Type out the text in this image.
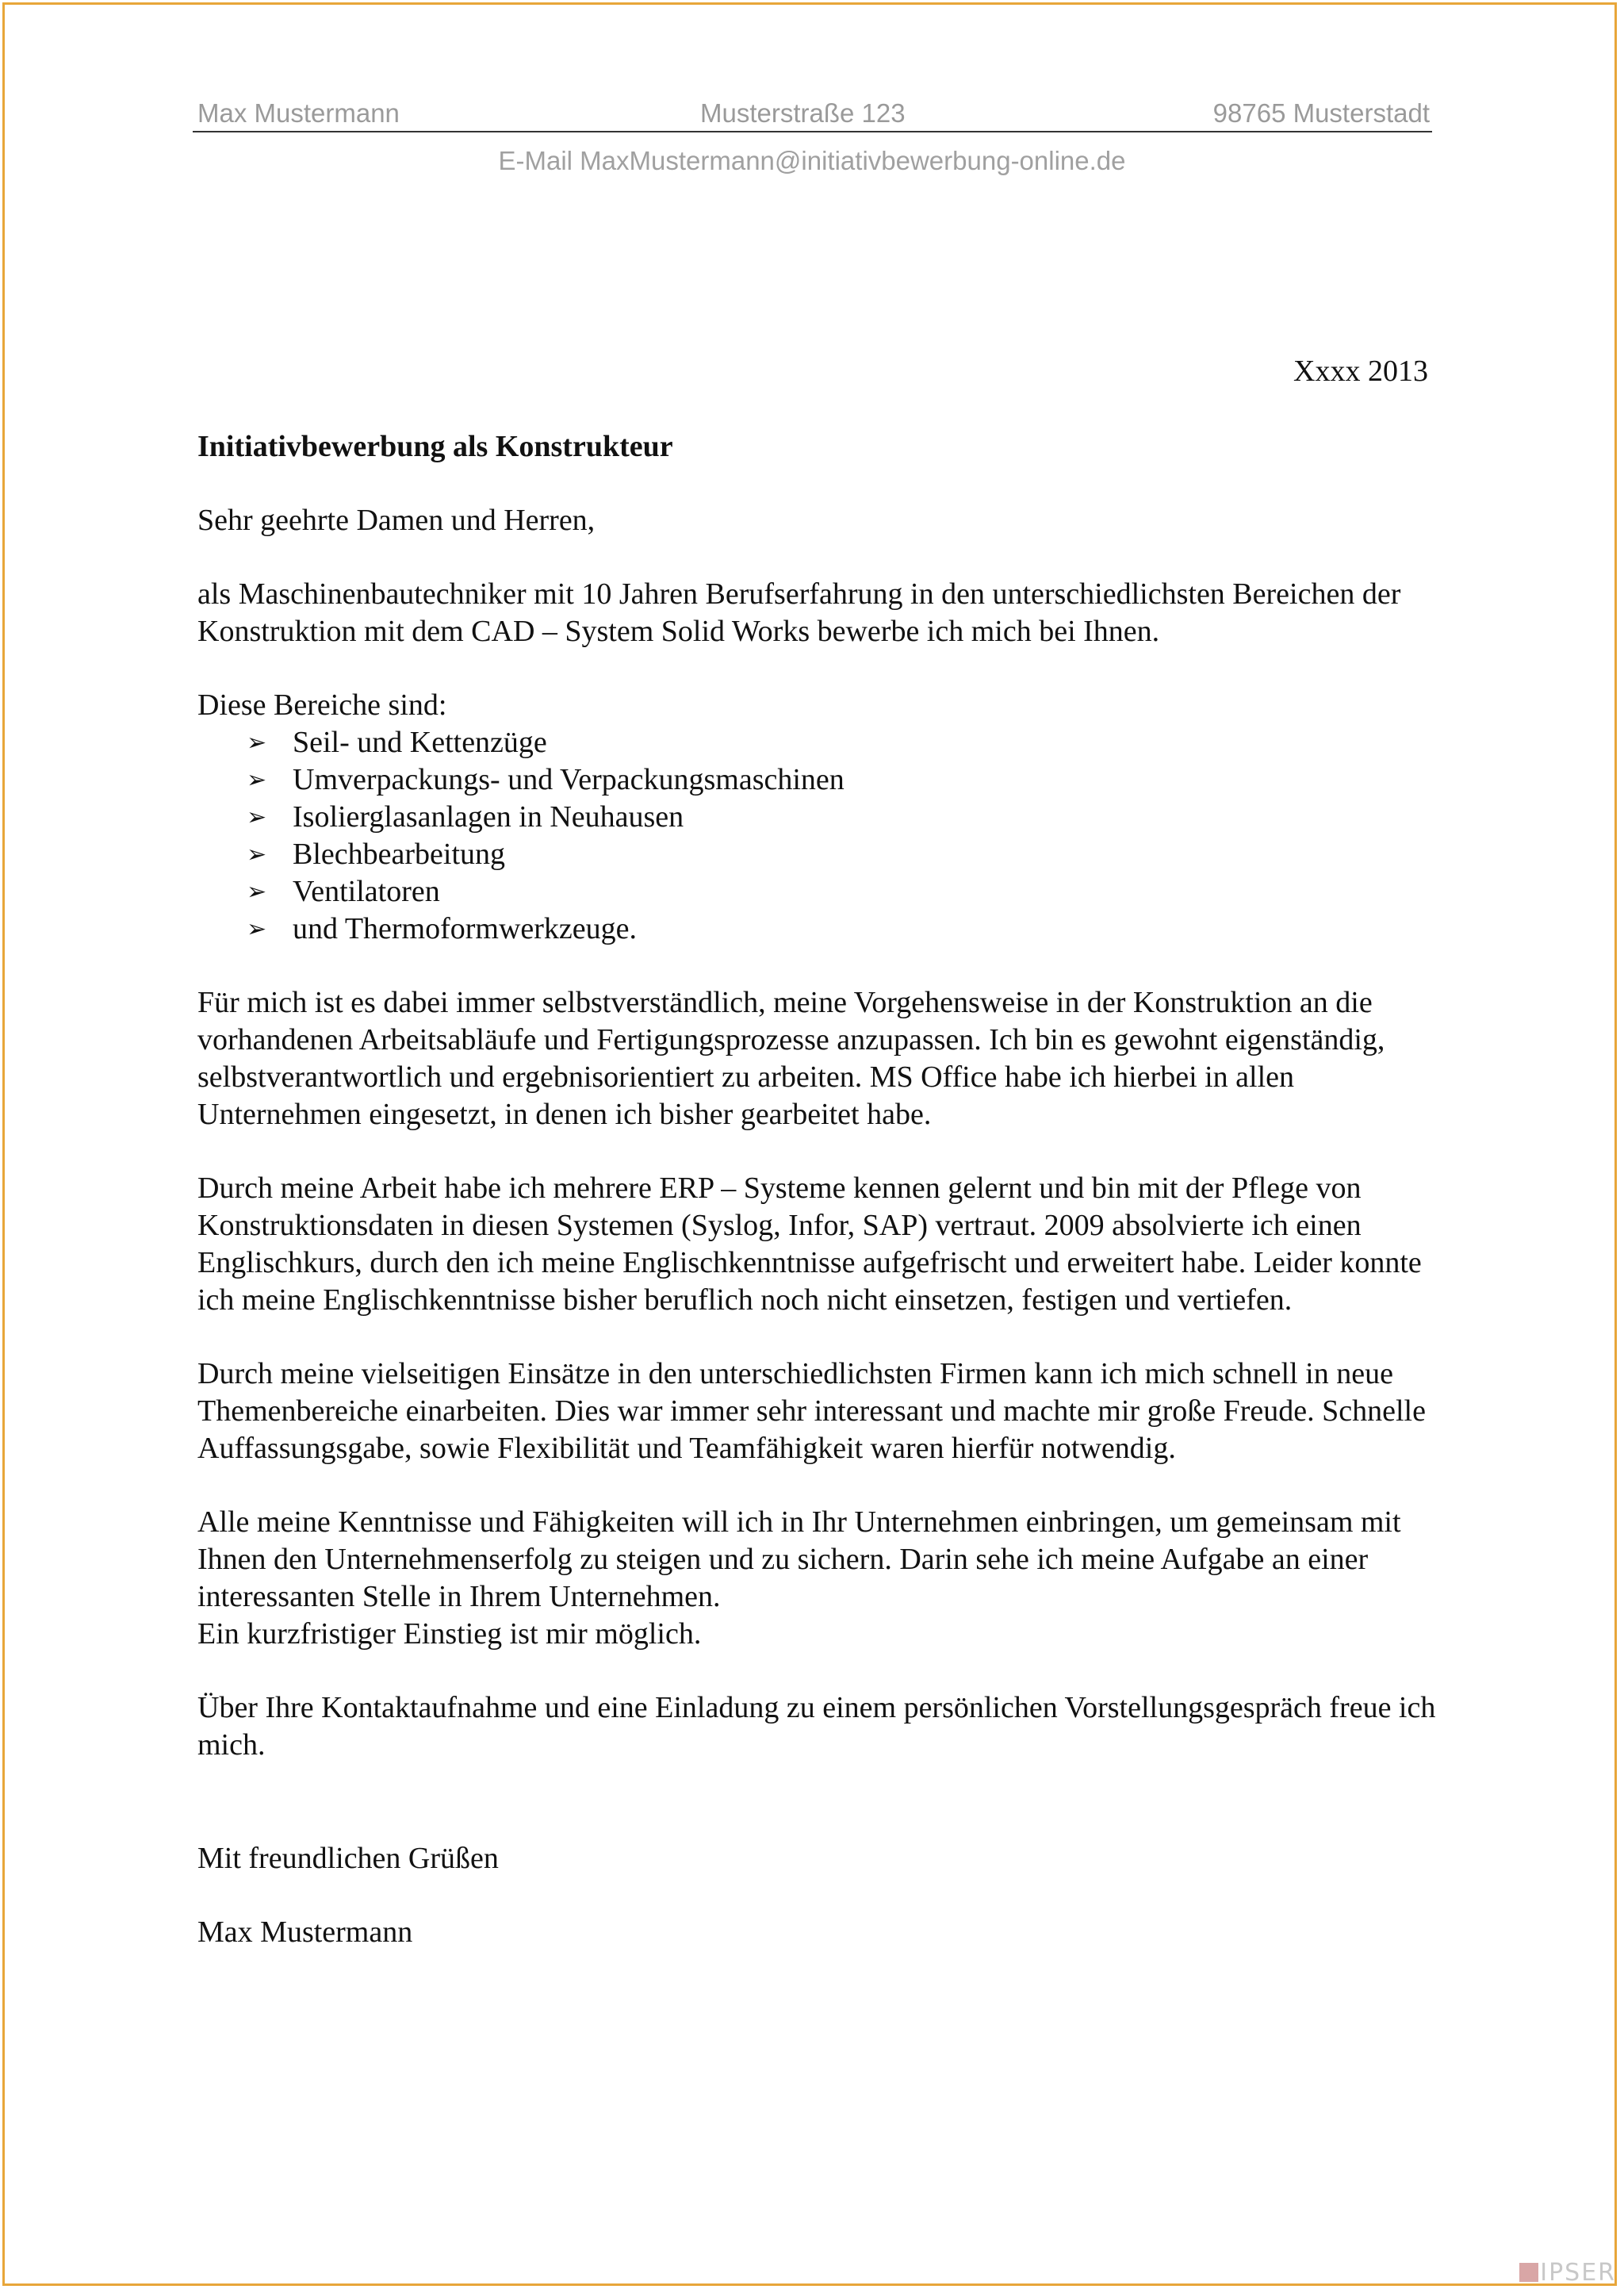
Max Mustermann	Musterstraße 123	98765 Musterstadt
E-Mail MaxMustermann@initiativbewerbung-online.de
Xxxx 2013

Initiativbewerbung als Konstrukteur

Sehr geehrte Damen und Herren,

als Maschinenbautechniker mit 10 Jahren Berufserfahrung in den unterschiedlichsten Bereichen der Konstruktion mit dem CAD – System Solid Works bewerbe ich mich bei Ihnen.

Diese Bereiche sind:
➢ Seil- und Kettenzüge
➢ Umverpackungs- und Verpackungsmaschinen
➢ Isolierglasanlagen in Neuhausen
➢ Blechbearbeitung
➢ Ventilatoren
➢ und Thermoformwerkzeuge.

Für mich ist es dabei immer selbstverständlich, meine Vorgehensweise in der Konstruktion an die vorhandenen Arbeitsabläufe und Fertigungsprozesse anzupassen. Ich bin es gewohnt eigenständig, selbstverantwortlich und ergebnisorientiert zu arbeiten. MS Office habe ich hierbei in allen Unternehmen eingesetzt, in denen ich bisher gearbeitet habe.

Durch meine Arbeit habe ich mehrere ERP – Systeme kennen gelernt und bin mit der Pflege von Konstruktionsdaten in diesen Systemen (Syslog, Infor, SAP) vertraut. 2009 absolvierte ich einen Englischkurs, durch den ich meine Englischkenntnisse aufgefrischt und erweitert habe. Leider konnte ich meine Englischkenntnisse bisher beruflich noch nicht einsetzen, festigen und vertiefen.

Durch meine vielseitigen Einsätze in den unterschiedlichsten Firmen kann ich mich schnell in neue Themenbereiche einarbeiten. Dies war immer sehr interessant und machte mir große Freude. Schnelle Auffassungsgabe, sowie Flexibilität und Teamfähigkeit waren hierfür notwendig.

Alle meine Kenntnisse und Fähigkeiten will ich in Ihr Unternehmen einbringen, um gemeinsam mit Ihnen den Unternehmenserfolg zu steigen und zu sichern. Darin sehe ich meine Aufgabe an einer interessanten Stelle in Ihrem Unternehmen.
Ein kurzfristiger Einstieg ist mir möglich.

Über Ihre Kontaktaufnahme und eine Einladung zu einem persönlichen Vorstellungsgespräch freue ich mich.

Mit freundlichen Grüßen

Max Mustermann

IPSER
